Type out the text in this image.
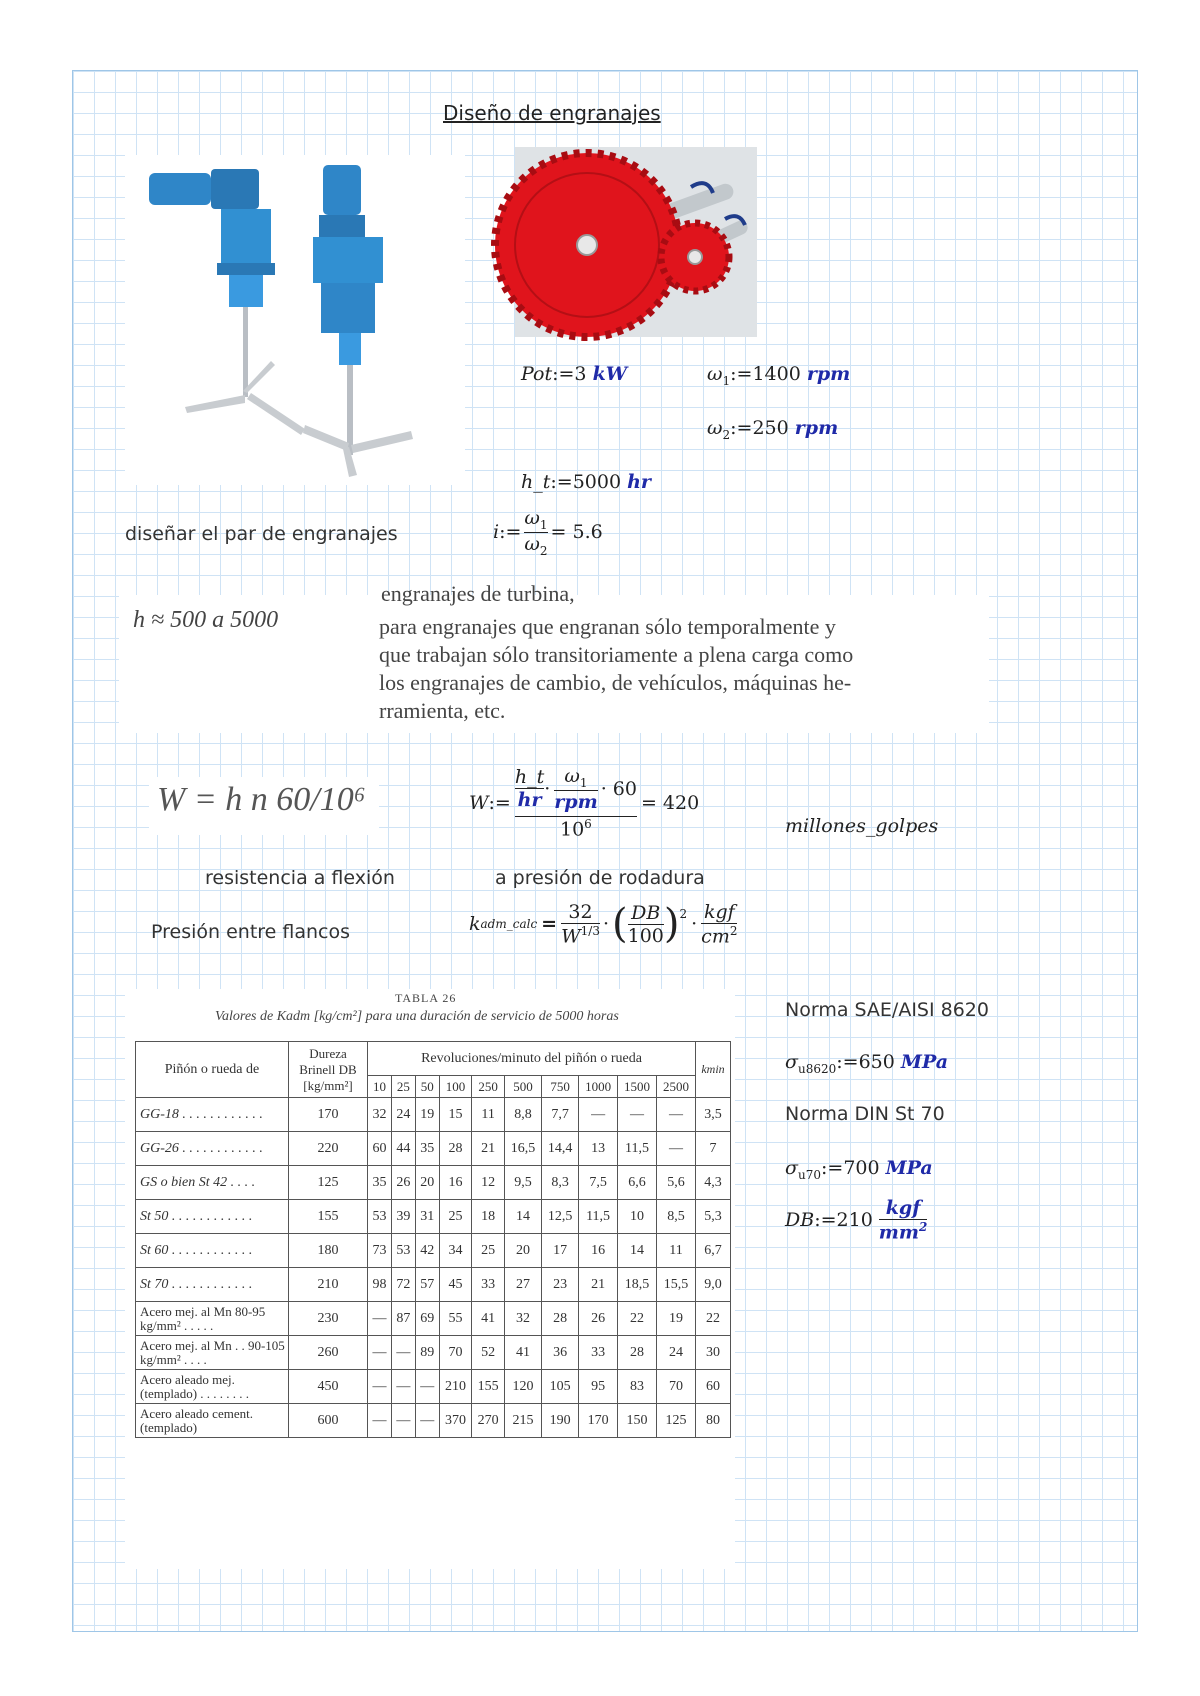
Diseño de engranajes
Pot:=3 kW	$\omega_1:=1400$ rpm
$\omega_2:=250$ rpm
h_t:=5000 hr
diseñar el par de engranajes	i := $\frac{\omega_1}{\omega_2} = 5.6$
h ≈ 500 a 5000
engranajes de turbina,
para engranajes que engranan sólo temporalmente y
que trabajan sólo transitoriamente a plena carga como
los engranajes de cambio, de vehículos, máquinas he-
rramienta, etc.
W = h n 60/10⁶	W := $\frac{\frac{h\_t}{hr} \cdot \frac{\omega_1}{\text{rpm}} \cdot 60}{10^6} = 420$
millones_golpes
resistencia a flexión	a presión de rodadura
Presión entre flancos	k adm_calc = $\frac{32}{W^{1/3}}$ · ( $\frac{DB}{100} )^2 \cdot \frac{\text{kgf}}{cm^2}$
Norma SAE/AISI 8620
$\sigma_{u8620}:=650$ MPa
Norma DIN St 70
$\sigma_{u70}:=700$ MPa
DB := $210 \frac{\text{kgf}}{mm^2}$
TABLA 26
Valores de Kadm [kg/cm²] para una duración de servicio de 5000 horas
Piñón o rueda de	Dureza Brinell DB [kg/mm²]	Revoluciones/minuto del piñón o rueda										kmin
		10	25	50	100	250	500	750	1000	1500	2500	
GG-18 . . . . . . . . . . . .	170	32	24	19	15	11	8,8	7,7	—	—	—	3,5
GG-26 . . . . . . . . . . . .	220	60	44	35	28	21	16,5	14,4	13	11,5	—	7
GS o bien St 42 . . . .	125	35	26	20	16	12	9,5	8,3	7,5	6,6	5,6	4,3
St 50 . . . . . . . . . . . .	155	53	39	31	25	18	14	12,5	11,5	10	8,5	5,3
St 60 . . . . . . . . . . . .	180	73	53	42	34	25	20	17	16	14	11	6,7
St 70 . . . . . . . . . . . .	210	98	72	57	45	33	27	23	21	18,5	15,5	9,0
Acero mej. al Mn 80-95 kg/mm² . . . . .	230	—	87	69	55	41	32	28	26	22	19	22
Acero mej. al Mn . . 90-105 kg/mm² . . . .	260	—	—	89	70	52	41	36	33	28	24	30
Acero aleado mej. (templado) . . . . . . . .	450	—	—	—	210	155	120	105	95	83	70	60
Acero aleado cement. (templado)	600	—	—	—	370	270	215	190	170	150	125	80
